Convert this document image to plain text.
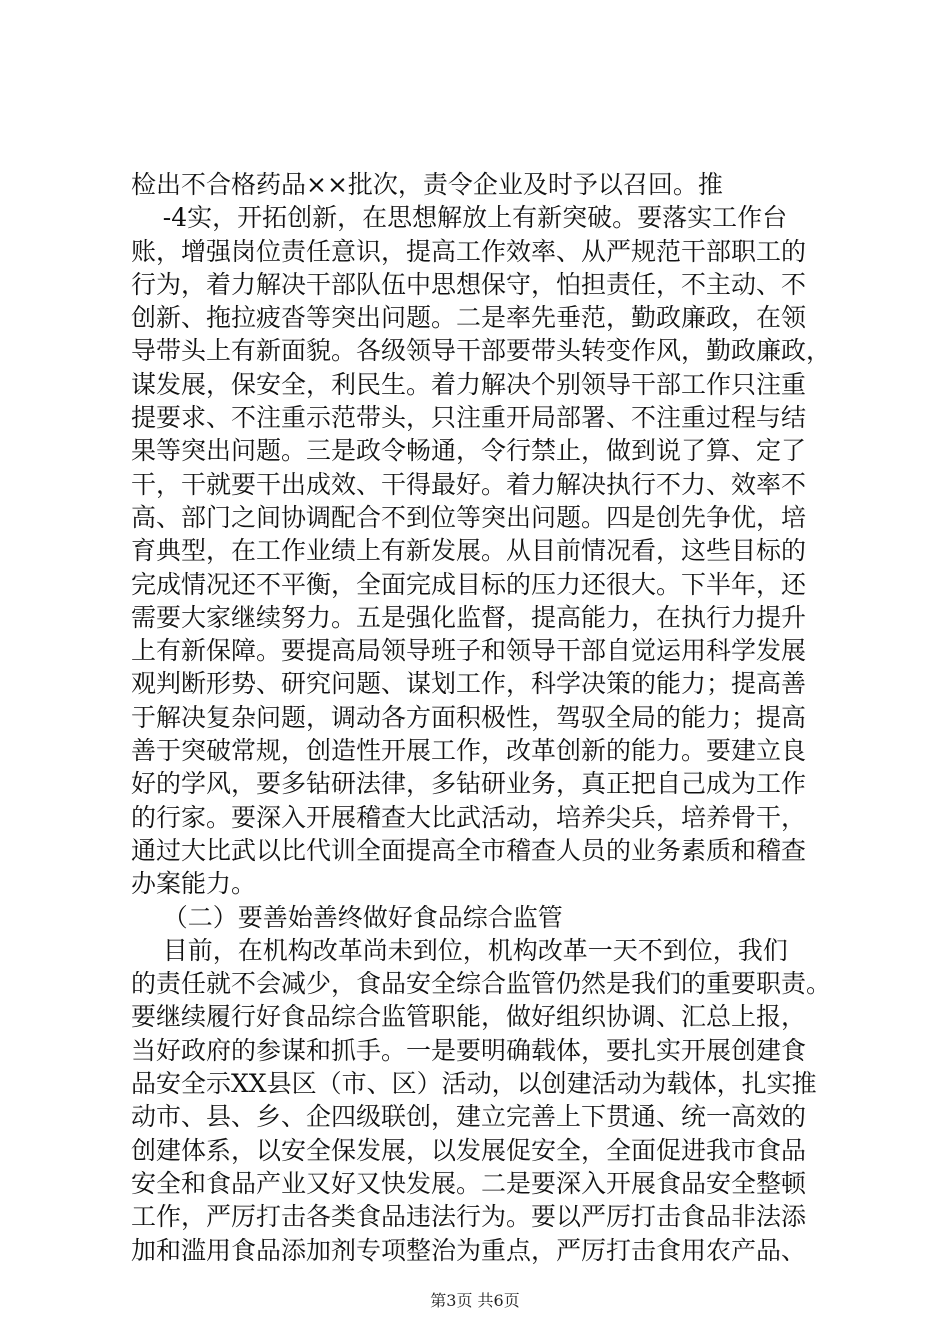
检出不合格药品××批次，责令企业及时予以召回。推
-4实，开拓创新，在思想解放上有新突破。要落实工作台
账，增强岗位责任意识，提高工作效率、从严规范干部职工的
行为，着力解决干部队伍中思想保守，怕担责任，不主动、不
创新、拖拉疲沓等突出问题。二是率先垂范，勤政廉政，在领
导带头上有新面貌。各级领导干部要带头转变作风，勤政廉政，
谋发展，保安全，利民生。着力解决个别领导干部工作只注重
提要求、不注重示范带头，只注重开局部署、不注重过程与结
果等突出问题。三是政令畅通，令行禁止，做到说了算、定了
干，干就要干出成效、干得最好。着力解决执行不力、效率不
高、部门之间协调配合不到位等突出问题。四是创先争优，培
育典型，在工作业绩上有新发展。从目前情况看，这些目标的
完成情况还不平衡，全面完成目标的压力还很大。下半年，还
需要大家继续努力。五是强化监督，提高能力，在执行力提升
上有新保障。要提高局领导班子和领导干部自觉运用科学发展
观判断形势、研究问题、谋划工作，科学决策的能力；提高善
于解决复杂问题，调动各方面积极性，驾驭全局的能力；提高
善于突破常规，创造性开展工作，改革创新的能力。要建立良
好的学风，要多钻研法律，多钻研业务，真正把自己成为工作
的行家。要深入开展稽查大比武活动，培养尖兵，培养骨干，
通过大比武以比代训全面提高全市稽查人员的业务素质和稽查
办案能力。
（二）要善始善终做好食品综合监管
目前，在机构改革尚未到位，机构改革一天不到位，我们
的责任就不会减少，食品安全综合监管仍然是我们的重要职责。
要继续履行好食品综合监管职能，做好组织协调、汇总上报，
当好政府的参谋和抓手。一是要明确载体，要扎实开展创建食
品安全示XX县区（市、区）活动，以创建活动为载体，扎实推
动市、县、乡、企四级联创，建立完善上下贯通、统一高效的
创建体系，以安全保发展，以发展促安全，全面促进我市食品
安全和食品产业又好又快发展。二是要深入开展食品安全整顿
工作，严厉打击各类食品违法行为。要以严厉打击食品非法添
加和滥用食品添加剂专项整治为重点，严厉打击食用农产品、
第3页 共6页
